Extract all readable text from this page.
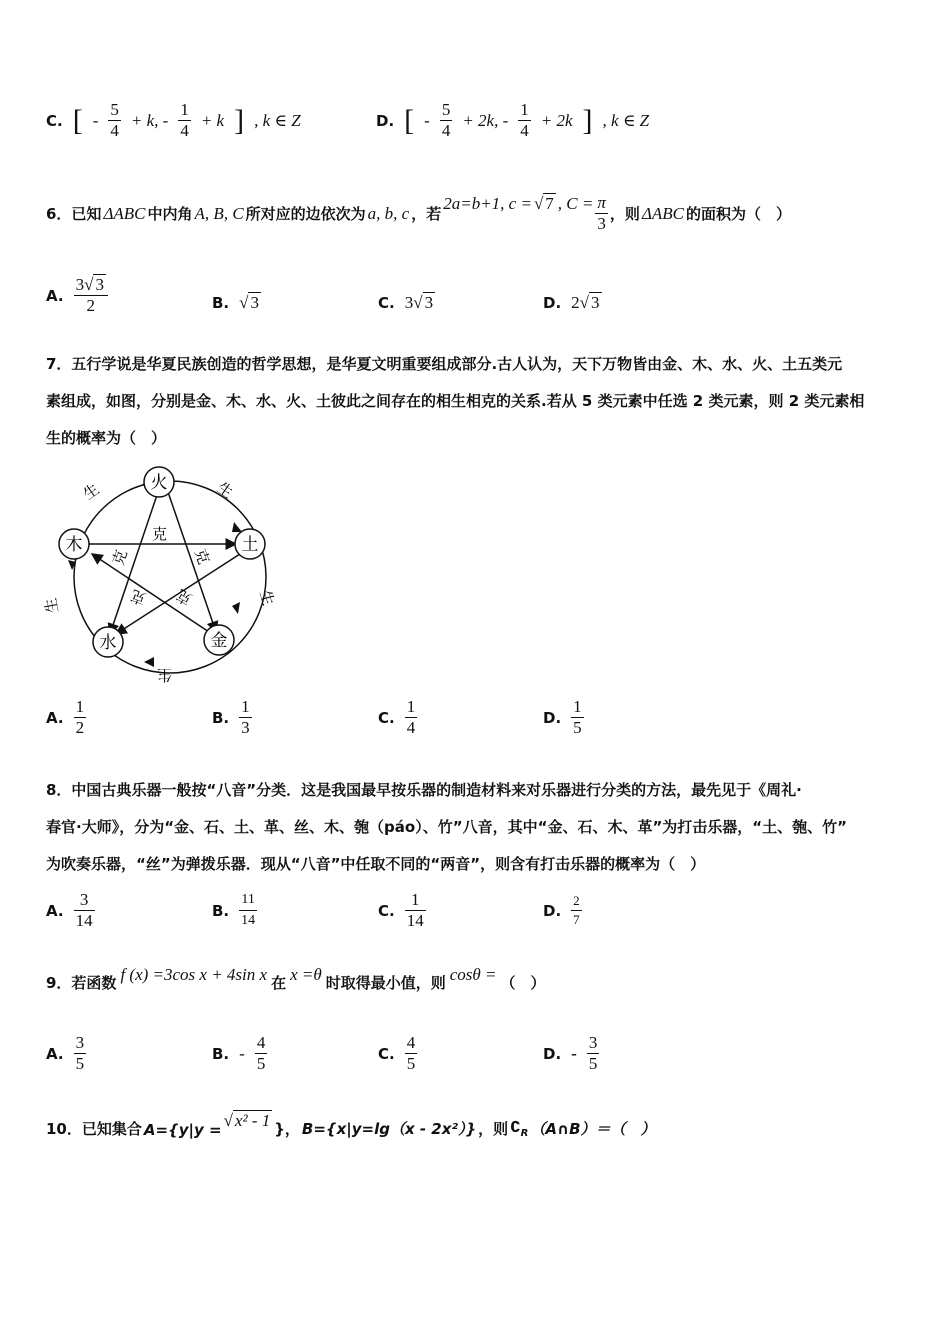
C. [ - $\frac{5}{4} + k$, - $\frac{1}{4} + k$ ] , k ∈ Z	D. [ - $\frac{5}{4} + 2k$, - $\frac{1}{4} + 2k$ ] , k ∈ Z
6．已知 ΔABC 中内角 A, B, C 所对应的边依次为 a, b, c ，若
2a=b+1, c = √ 7 , $C = \frac{\pi}{3}$ ，则 ΔABC 的面积为（　）
A. $\frac{3√ 3}{2}$	B. √ 3	C. 3√ 3	D. 2√ 3
7．五行学说是华夏民族创造的哲学思想，是华夏文明重要组成部分.古人认为，天下万物皆由金、木、水、火、土五类元
素组成，如图，分别是金、木、水、火、土彼此之间存在的相生相克的关系.若从 5 类元素中任选 2 类元素，则 2 类元素相
生的概率为（　）
火
土
金
水
木
生	生
生
生
生
克
克	克
克 克
A. $\frac{1}{2}$	B. $\frac{1}{3}$	C. $\frac{1}{4}$	D. $\frac{1}{5}$
8．中国古典乐器一般按“八音”分类．这是我国最早按乐器的制造材料来对乐器进行分类的方法，最先见于《周礼·
春官·大师》，分为“金、石、土、革、丝、木、匏（páo）、竹”八音，其中“金、石、木、革”为打击乐器，“土、匏、竹”
为吹奏乐器，“丝”为弹拨乐器．现从“八音”中任取不同的“两音”，则含有打击乐器的概率为（　）
A. $\frac{3}{14}$	B. $\frac{11}{14}$	C. $\frac{1}{14}$	D. $\frac{2}{7}$
9．若函数 f (x) =3cos x + 4sin x 在 x =θ 时取得最小值，则 cosθ = （　）
A. $\frac{3}{5}$	B. - $\frac{4}{5}$	C. $\frac{4}{5}$	D. - $\frac{3}{5}$
10．已知集合 A={y|y = √ x² - 1 }， B={x|y=lg（x - 2x²）} ，则 $∁_R$ （A∩B）＝（　）
